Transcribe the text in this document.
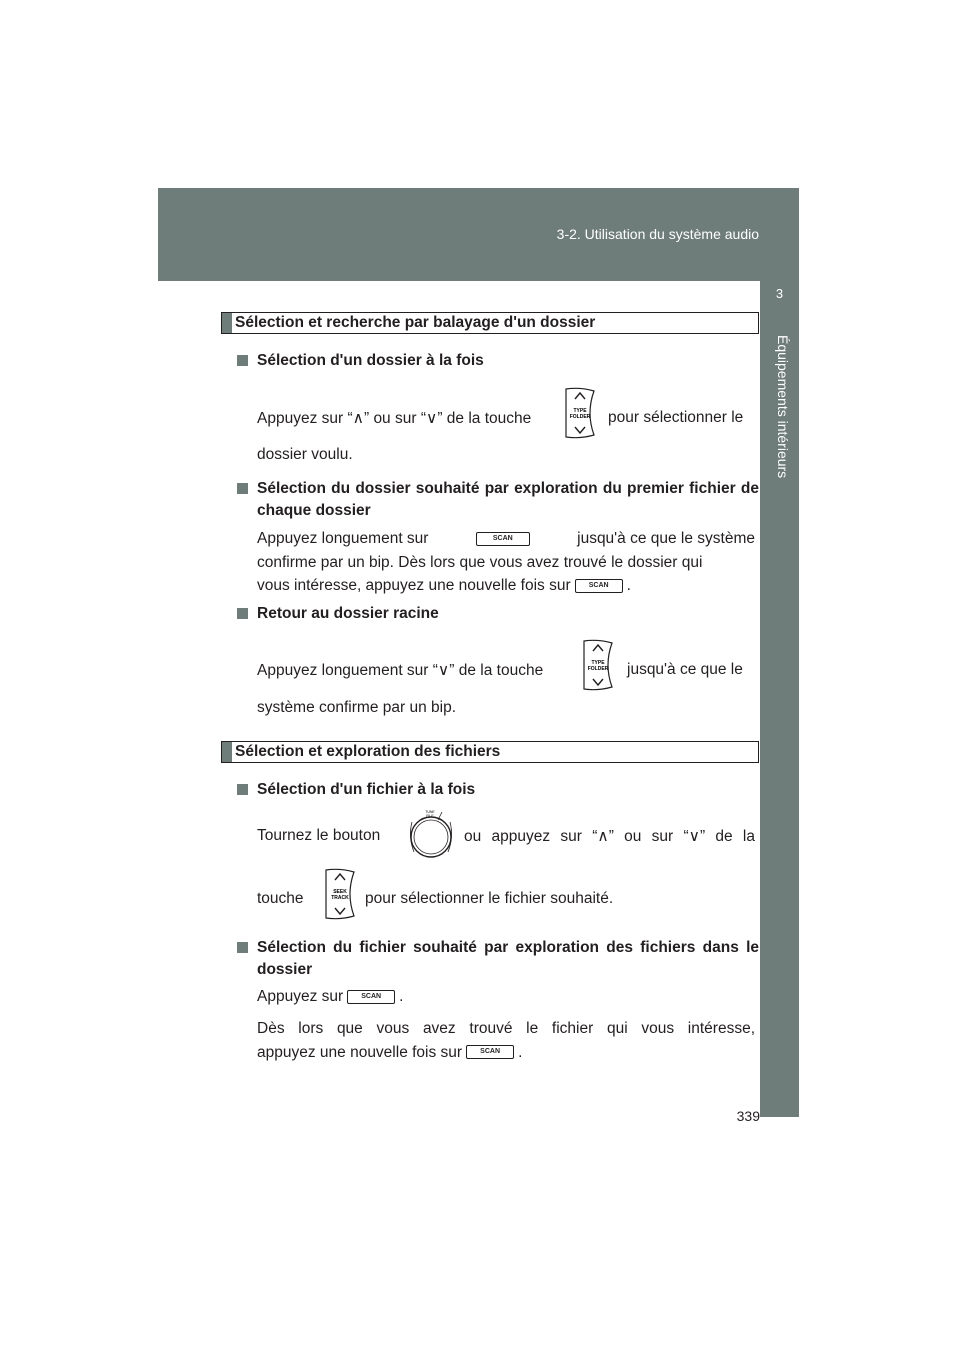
3-2. Utilisation du système audio
3
Équipements intérieurs
Sélection et recherche par balayage d'un dossier
Sélection d'un dossier à la fois
Appuyez sur “∧” ou sur “∨” de la touche	TYPE
FOLDER pour sélectionner le
dossier voulu.
Sélection du dossier souhaité par exploration du premier fichier de chaque dossier
Appuyez longuement sur	SCAN	jusqu'à ce que le système
confirme par un bip. Dès lors que vous avez trouvé le dossier qui
vous intéresse, appuyez une nouvelle fois sur	SCAN .
Retour au dossier racine
Appuyez longuement sur “∨” de la touche	TYPE
FOLDER jusqu'à ce que le
système confirme par un bip.
Sélection et exploration des fichiers
Sélection d'un fichier à la fois
Tournez le bouton
TUNE
FILE
ou appuyez sur “∧” ou sur “∨” de la
touche	SEEK
TRACK pour sélectionner le fichier souhaité.
Sélection du fichier souhaité par exploration des fichiers dans le dossier
Appuyez sur	SCAN .
Dès lors que vous avez trouvé le fichier qui vous intéresse,
appuyez une nouvelle fois sur	SCAN .
339
